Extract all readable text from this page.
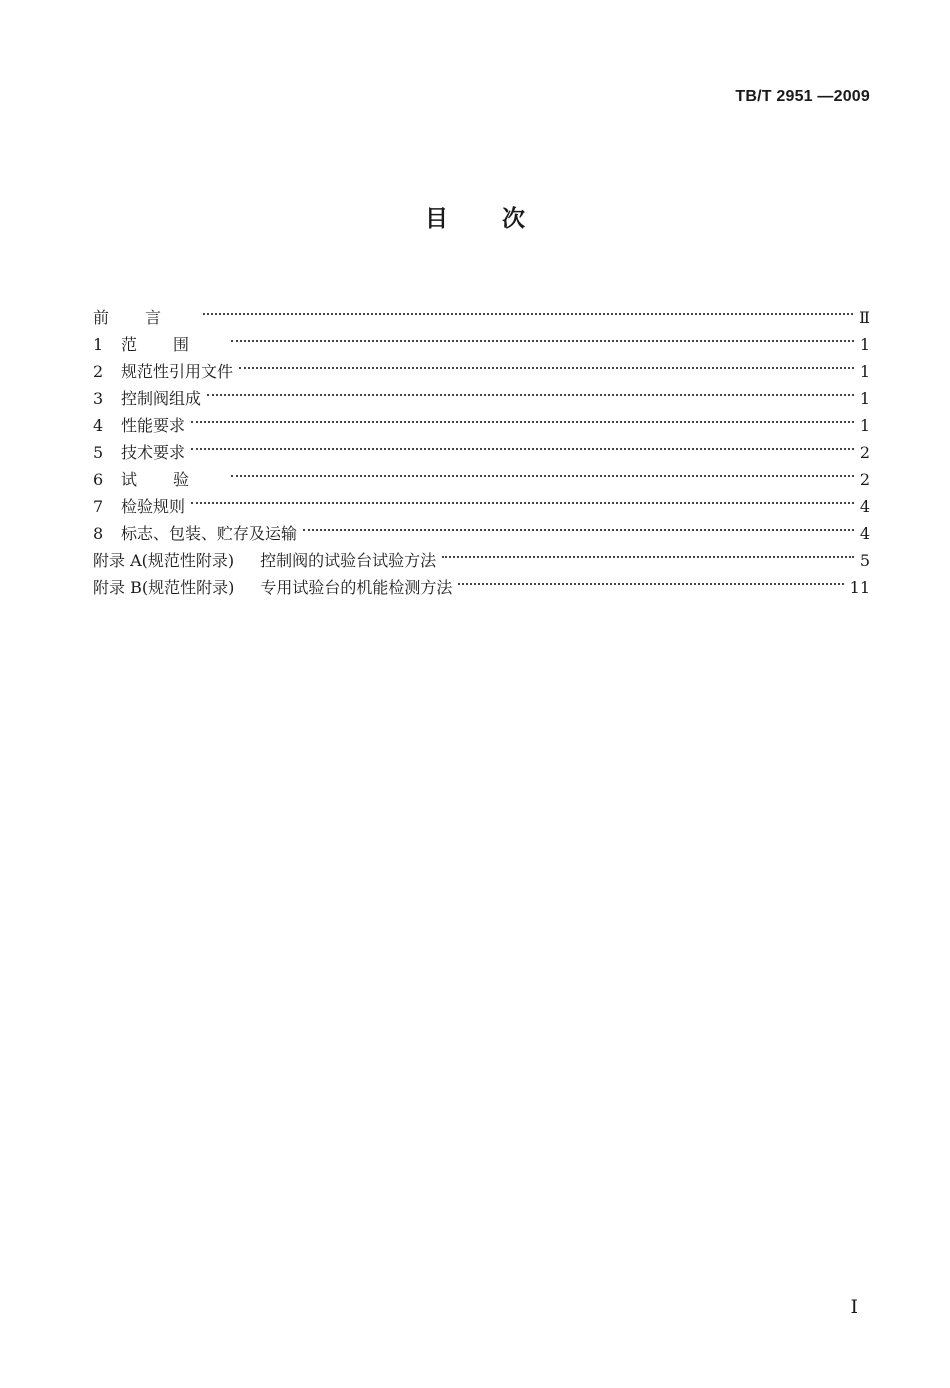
TB/T 2951 —2009
目次
前言	Ⅱ
1	范围	1
2	规范性引用文件	1
3	控制阀组成	1
4	性能要求	1
5	技术要求	2
6	试验	2
7	检验规则	4
8	标志、包装、贮存及运输	4
附录 A(规范性附录) 控制阀的试验台试验方法	5
附录 B(规范性附录) 专用试验台的机能检测方法	11
I
